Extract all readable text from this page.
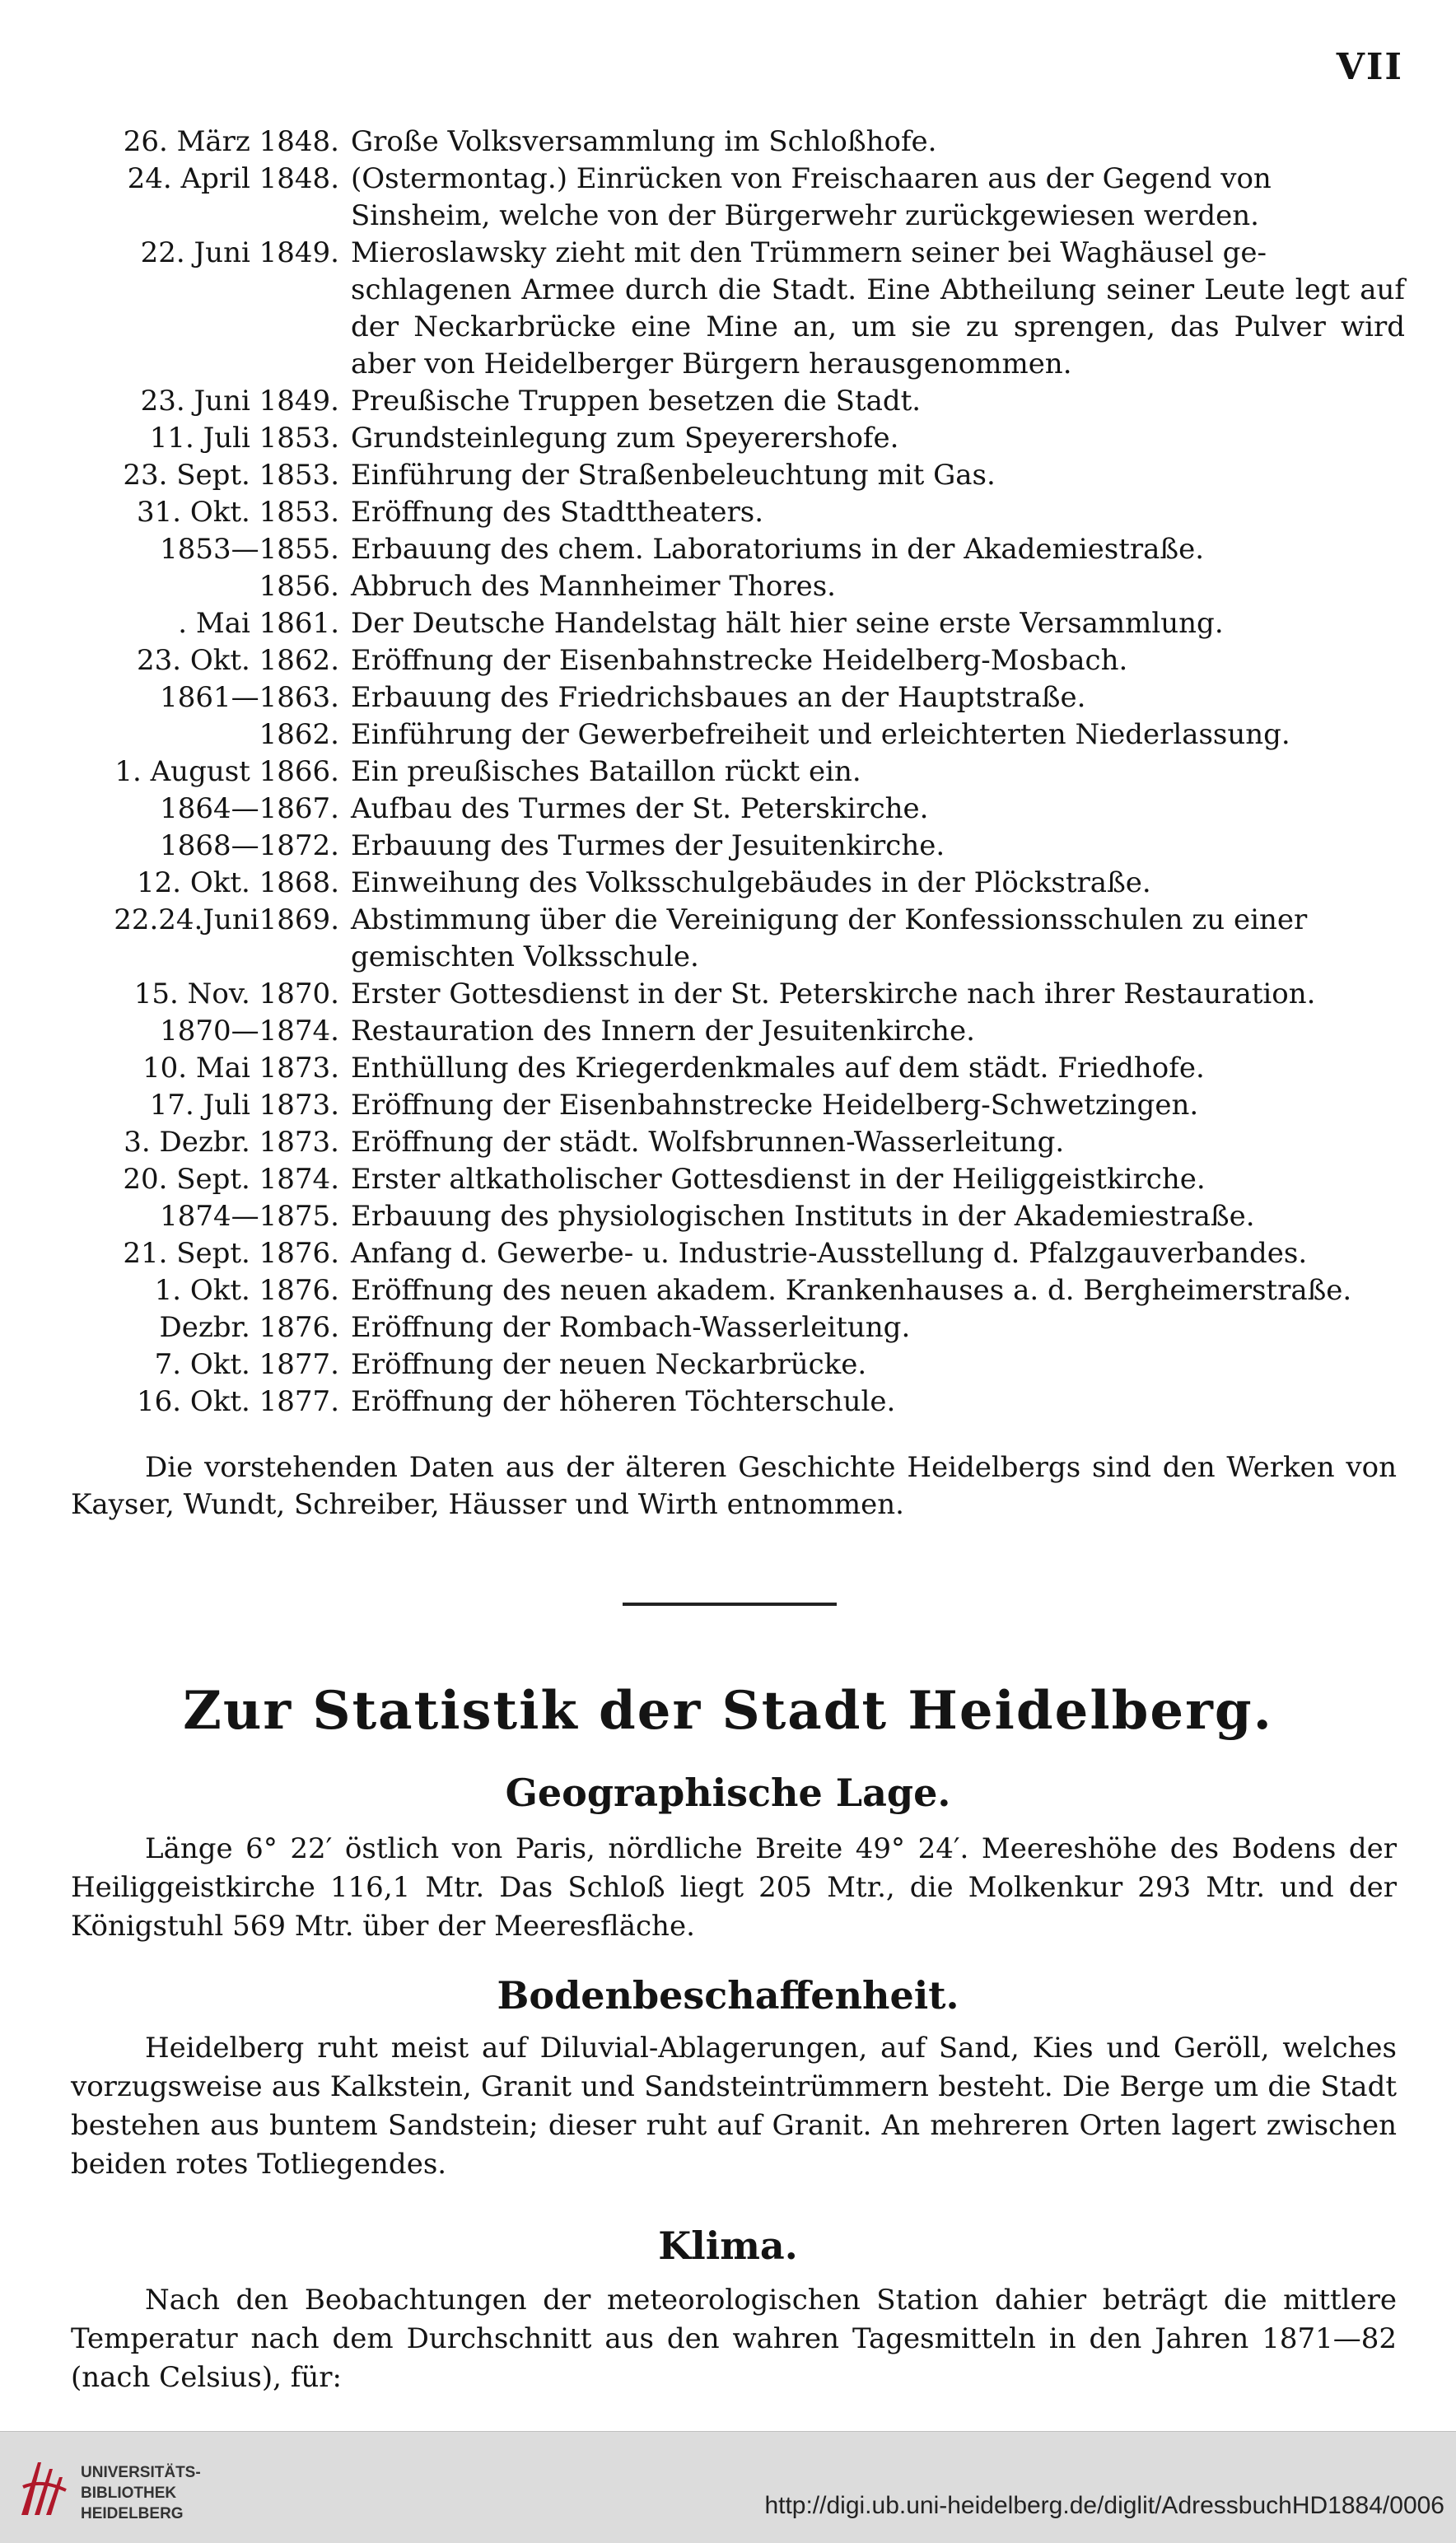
VII
26. März 1848. Große Volksversammlung im Schloßhofe.
24. April 1848. (Ostermontag.) Einrücken von Freischaaren aus der Gegend von
Sinsheim, welche von der Bürgerwehr zurückgewiesen werden.
22. Juni 1849. Mieroslawsky zieht mit den Trümmern seiner bei Waghäusel ge-
schlagenen Armee durch die Stadt. Eine Abtheilung seiner Leute legt auf der Neckarbrücke eine Mine an, um sie zu sprengen, das Pulver wird aber von Heidelberger Bürgern herausgenommen.
23. Juni 1849. Preußische Truppen besetzen die Stadt.
11. Juli 1853. Grundsteinlegung zum Speyerershofe.
23. Sept. 1853. Einführung der Straßenbeleuchtung mit Gas.
31. Okt. 1853. Eröffnung des Stadttheaters.
1853—1855. Erbauung des chem. Laboratoriums in der Akademiestraße.
1856. Abbruch des Mannheimer Thores.
. Mai 1861. Der Deutsche Handelstag hält hier seine erste Versammlung.
23. Okt. 1862. Eröffnung der Eisenbahnstrecke Heidelberg-Mosbach.
1861—1863. Erbauung des Friedrichsbaues an der Hauptstraße.
1862. Einführung der Gewerbefreiheit und erleichterten Niederlassung.
1. August 1866. Ein preußisches Bataillon rückt ein.
1864—1867. Aufbau des Turmes der St. Peterskirche.
1868—1872. Erbauung des Turmes der Jesuitenkirche.
12. Okt. 1868. Einweihung des Volksschulgebäudes in der Plöckstraße.
22.24.Juni1869. Abstimmung über die Vereinigung der Konfessionsschulen zu einer
gemischten Volksschule.
15. Nov. 1870. Erster Gottesdienst in der St. Peterskirche nach ihrer Restauration.
1870—1874. Restauration des Innern der Jesuitenkirche.
10. Mai 1873. Enthüllung des Kriegerdenkmales auf dem städt. Friedhofe.
17. Juli 1873. Eröffnung der Eisenbahnstrecke Heidelberg-Schwetzingen.
3. Dezbr. 1873. Eröffnung der städt. Wolfsbrunnen-Wasserleitung.
20. Sept. 1874. Erster altkatholischer Gottesdienst in der Heiliggeistkirche.
1874—1875. Erbauung des physiologischen Instituts in der Akademiestraße.
21. Sept. 1876. Anfang d. Gewerbe- u. Industrie-Ausstellung d. Pfalzgauverbandes.
1. Okt. 1876. Eröffnung des neuen akadem. Krankenhauses a. d. Bergheimerstraße.
Dezbr. 1876. Eröffnung der Rombach-Wasserleitung.
7. Okt. 1877. Eröffnung der neuen Neckarbrücke.
16. Okt. 1877. Eröffnung der höheren Töchterschule.
Die vorstehenden Daten aus der älteren Geschichte Heidelbergs sind den Werken von Kayser, Wundt, Schreiber, Häusser und Wirth entnommen.
Zur Statistik der Stadt Heidelberg.
Geographische Lage.
Länge 6° 22′ östlich von Paris, nördliche Breite 49° 24′. Meereshöhe des Bodens der Heiliggeistkirche 116,1 Mtr. Das Schloß liegt 205 Mtr., die Molkenkur 293 Mtr. und der Königstuhl 569 Mtr. über der Meeresfläche.
Bodenbeschaffenheit.
Heidelberg ruht meist auf Diluvial-Ablagerungen, auf Sand, Kies und Geröll, welches vorzugsweise aus Kalkstein, Granit und Sandsteintrümmern besteht. Die Berge um die Stadt bestehen aus buntem Sandstein; dieser ruht auf Granit. An mehreren Orten lagert zwischen beiden rotes Totliegendes.
Klima.
Nach den Beobachtungen der meteorologischen Station dahier beträgt die mittlere Temperatur nach dem Durchschnitt aus den wahren Tagesmitteln in den Jahren 1871—82 (nach Celsius), für:
UNIVERSITÄTS-
BIBLIOTHEK
HEIDELBERG	http://digi.ub.uni-heidelberg.de/diglit/AdressbuchHD1884/0006
